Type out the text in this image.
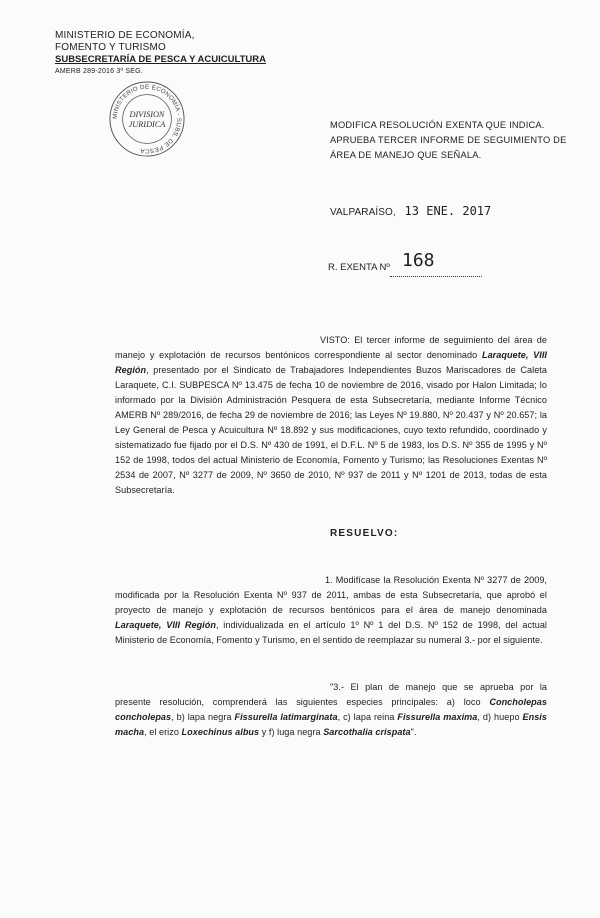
MINISTERIO DE ECONOMÍA,
FOMENTO Y TURISMO
SUBSECRETARÍA DE PESCA Y ACUICULTURA
AMERB 289-2016 3º SEG.
MINISTERIO DE ECONOMÍA - SUBS. DE PESCA
DIVISION
JURIDICA	MODIFICA RESOLUCIÓN EXENTA QUE INDICA.
APRUEBA TERCER INFORME DE SEGUIMIENTO DE
ÁREA DE MANEJO QUE SEÑALA.
VALPARAÍSO, 13 ENE. 2017
R. EXENTA Nº 168

VISTO: El tercer informe de seguimiento del área de manejo y explotación de recursos bentónicos correspondiente al sector denominado Laraquete, VIII Región, presentado por el Sindicato de Trabajadores Independientes Buzos Mariscadores de Caleta Laraquete, C.I. SUBPESCA Nº 13.475 de fecha 10 de noviembre de 2016, visado por Halon Limitada; lo informado por la División Administración Pesquera de esta Subsecretaría, mediante Informe Técnico AMERB Nº 289/2016, de fecha 29 de noviembre de 2016; las Leyes Nº 19.880, Nº 20.437 y Nº 20.657; la Ley General de Pesca y Acuicultura Nº 18.892 y sus modificaciones, cuyo texto refundido, coordinado y sistematizado fue fijado por el D.S. Nº 430 de 1991, el D.F.L. Nº 5 de 1983, los D.S. Nº 355 de 1995 y Nº 152 de 1998, todos del actual Ministerio de Economía, Fomento y Turismo; las Resoluciones Exentas Nº 2534 de 2007, Nº 3277 de 2009, Nº 3650 de 2010, Nº 937 de 2011 y Nº 1201 de 2013, todas de esta Subsecretaría.

RESUELVO:

1. Modifícase la Resolución Exenta Nº 3277 de 2009, modificada por la Resolución Exenta Nº 937 de 2011, ambas de esta Subsecretaría, que aprobó el proyecto de manejo y explotación de recursos bentónicos para el área de manejo denominada Laraquete, VIII Región, individualizada en el artículo 1º Nº 1 del D.S. Nº 152 de 1998, del actual Ministerio de Economía, Fomento y Turismo, en el sentido de reemplazar su numeral 3.- por el siguiente.

"3.- El plan de manejo que se aprueba por la presente resolución, comprenderá las siguientes especies principales: a) loco Concholepas concholepas, b) lapa negra Fissurella latimarginata, c) lapa reina Fissurella maxima, d) huepo Ensis macha, el erizo Loxechinus albus y f) luga negra Sarcothalia crispata".
